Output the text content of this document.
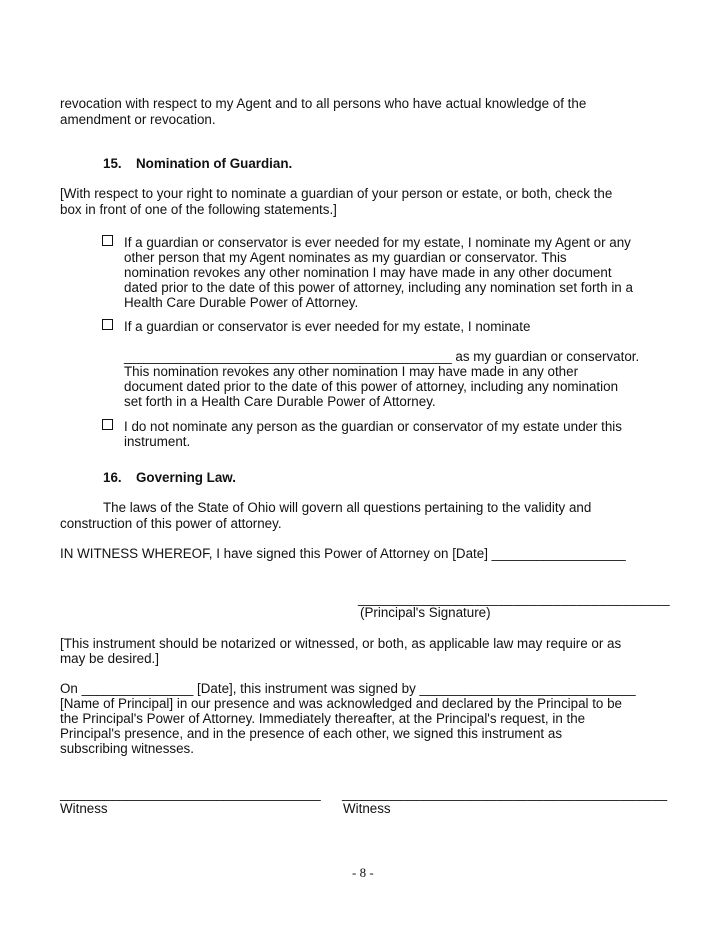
revocation with respect to my Agent and to all persons who have actual knowledge of the
amendment or revocation.
15. Nomination of Guardian.
[With respect to your right to nominate a guardian of your person or estate, or both, check the
box in front of one of the following statements.]
If a guardian or conservator is ever needed for my estate, I nominate my Agent or any
other person that my Agent nominates as my guardian or conservator. This
nomination revokes any other nomination I may have made in any other document
dated prior to the date of this power of attorney, including any nomination set forth in a
Health Care Durable Power of Attorney.
If a guardian or conservator is ever needed for my estate, I nominate
____________________________________________ as my guardian or conservator.
This nomination revokes any other nomination I may have made in any other
document dated prior to the date of this power of attorney, including any nomination
set forth in a Health Care Durable Power of Attorney.
I do not nominate any person as the guardian or conservator of my estate under this
instrument.
16. Governing Law.
The laws of the State of Ohio will govern all questions pertaining to the validity and
construction of this power of attorney.
IN WITNESS WHEREOF, I have signed this Power of Attorney on [Date] __________________
________________________________________
(Principal's Signature)
[This instrument should be notarized or witnessed, or both, as applicable law may require or as
may be desired.]
On _______________ [Date], this instrument was signed by _____________________________
[Name of Principal] in our presence and was acknowledged and declared by the Principal to be
the Principal's Power of Attorney. Immediately thereafter, at the Principal's request, in the
Principal's presence, and in the presence of each other, we signed this instrument as
subscribing witnesses.
___________________________________
Witness
__________________________________________
Witness
- 8 -
